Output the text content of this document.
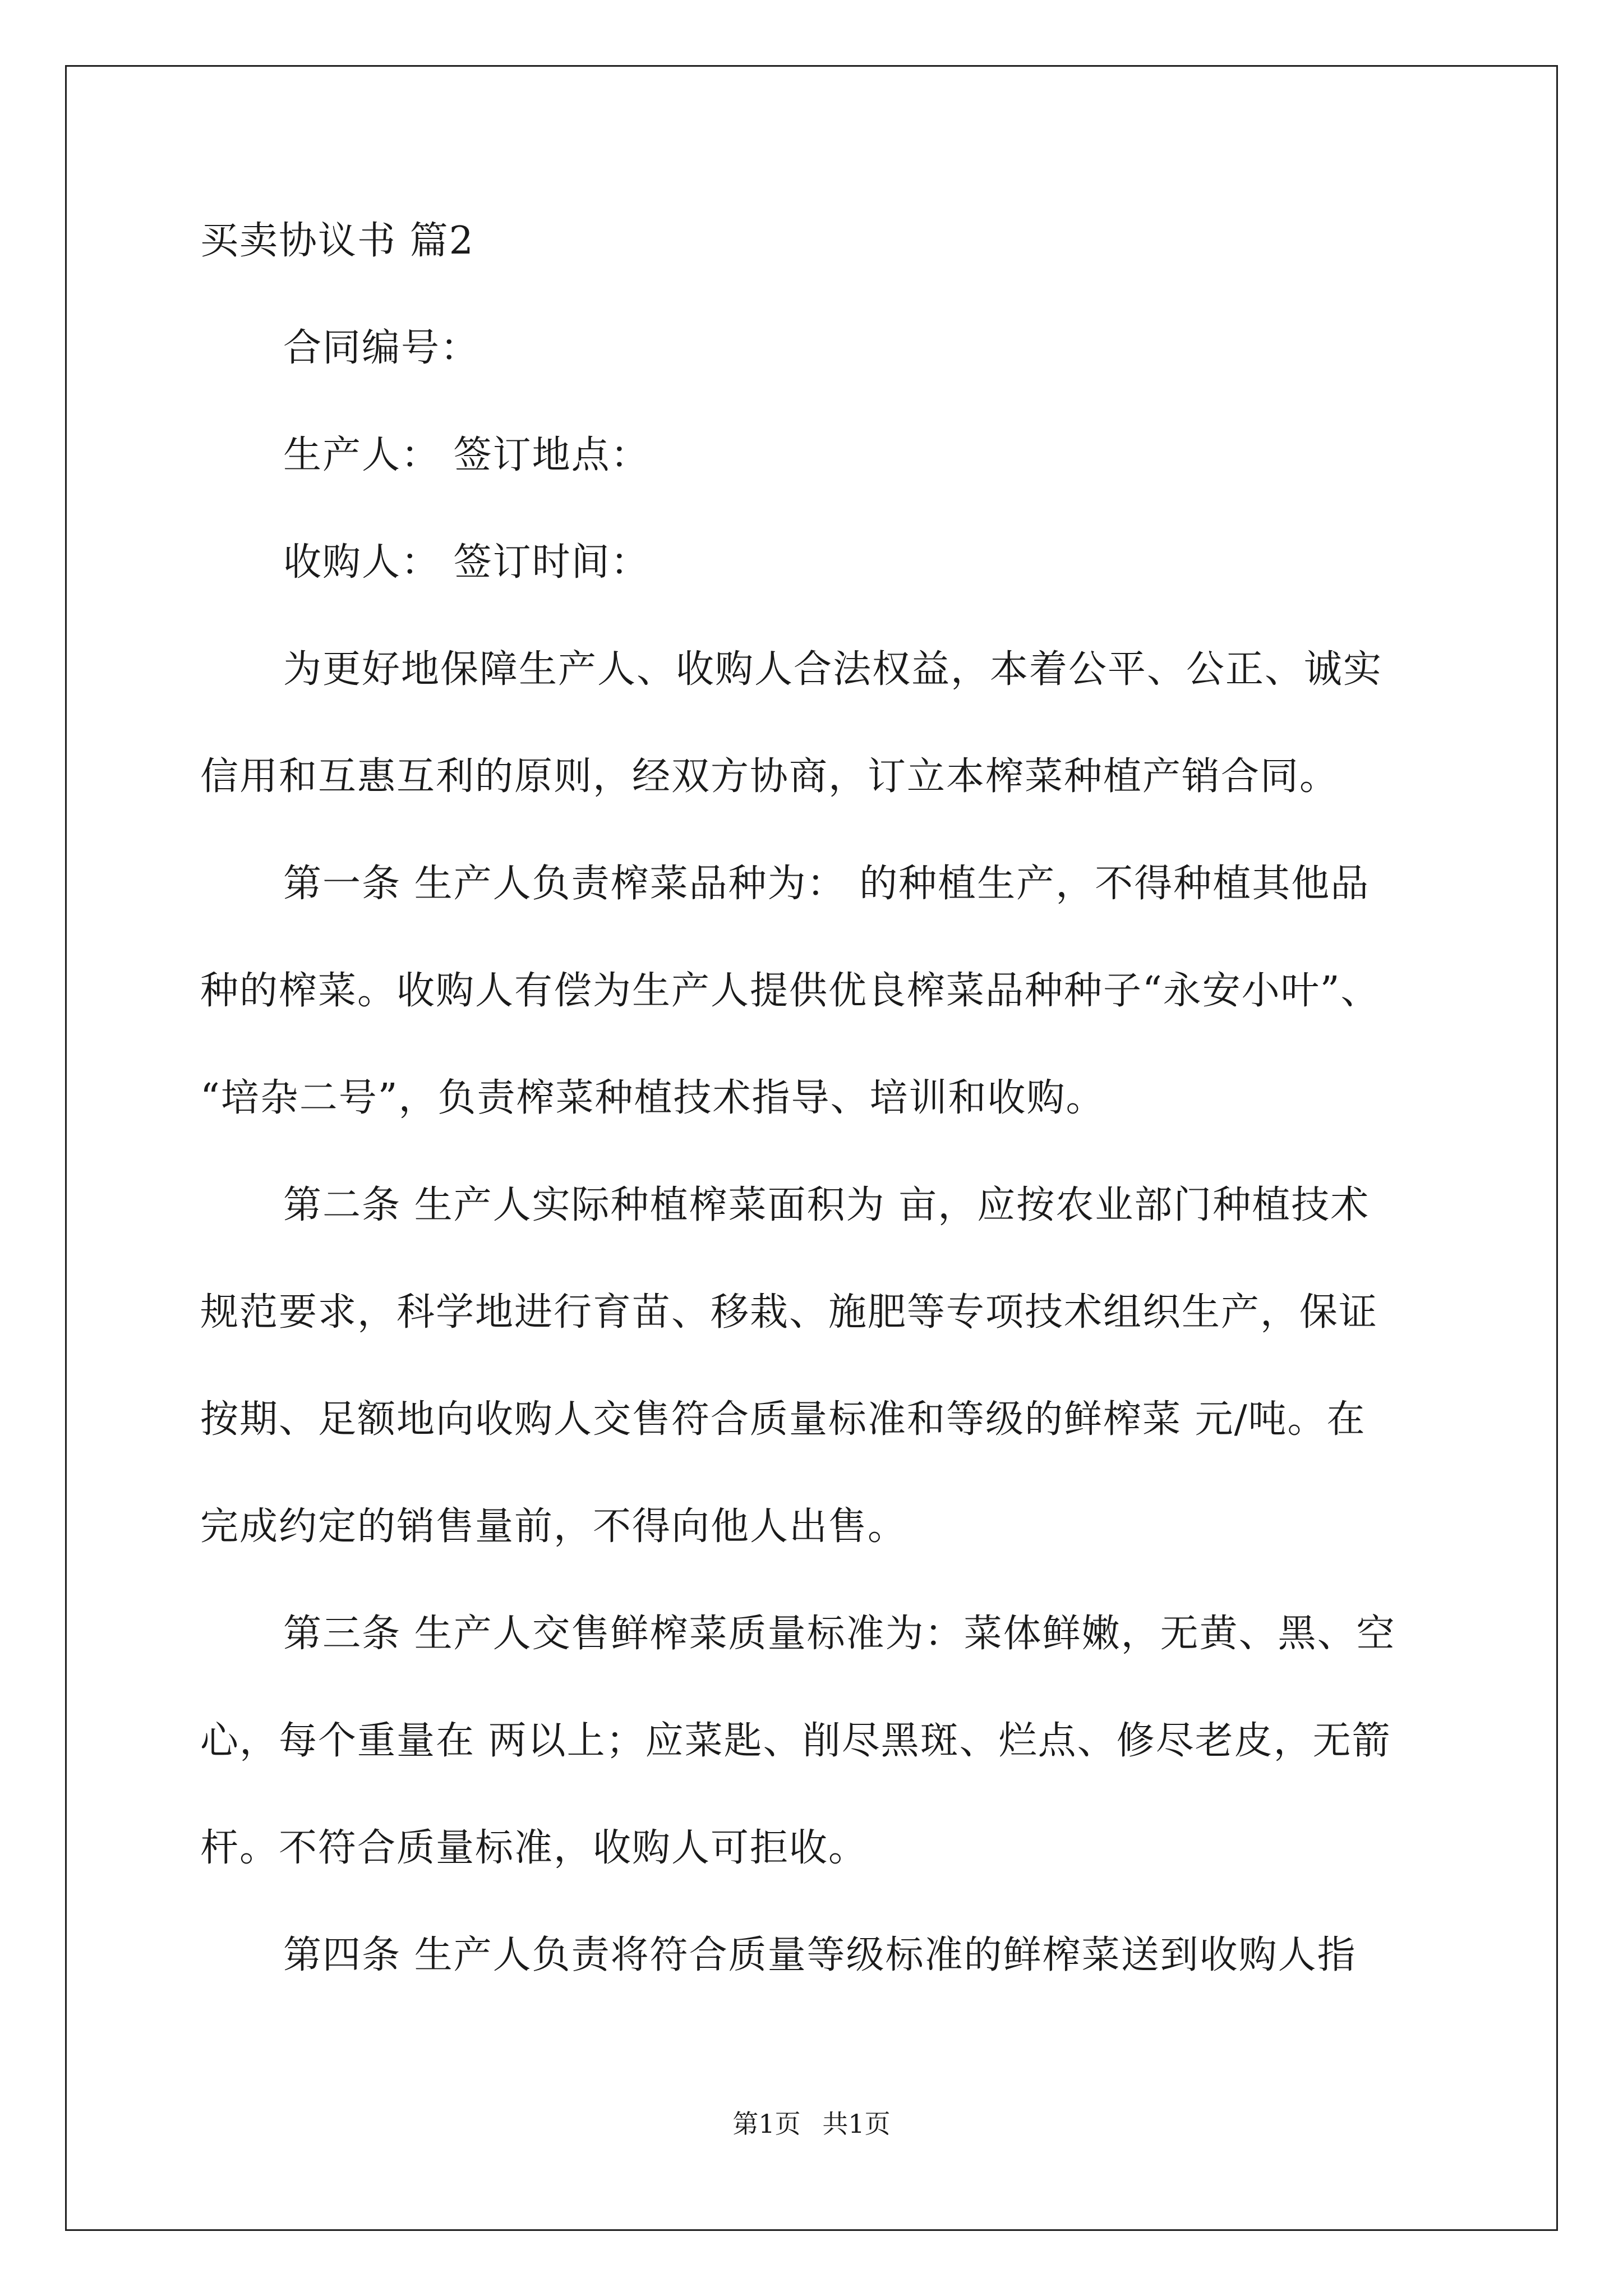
买卖协议书 篇2
合同编号：
生产人： 签订地点：
收购人： 签订时间：
为更好地保障生产人、收购人合法权益，本着公平、公正、诚实
信用和互惠互利的原则，经双方协商，订立本榨菜种植产销合同。
第一条 生产人负责榨菜品种为： 的种植生产，不得种植其他品
种的榨菜。收购人有偿为生产人提供优良榨菜品种种子“永安小叶”、
“培杂二号”，负责榨菜种植技术指导、培训和收购。
第二条 生产人实际种植榨菜面积为 亩，应按农业部门种植技术
规范要求，科学地进行育苗、移栽、施肥等专项技术组织生产，保证
按期、足额地向收购人交售符合质量标准和等级的鲜榨菜 元/吨。在
完成约定的销售量前，不得向他人出售。
第三条 生产人交售鲜榨菜质量标准为：菜体鲜嫩，无黄、黑、空
心，每个重量在 两以上；应菜匙、削尽黑斑、烂点、修尽老皮，无箭
杆。不符合质量标准，收购人可拒收。
第四条 生产人负责将符合质量等级标准的鲜榨菜送到收购人指
第1页 共1页
